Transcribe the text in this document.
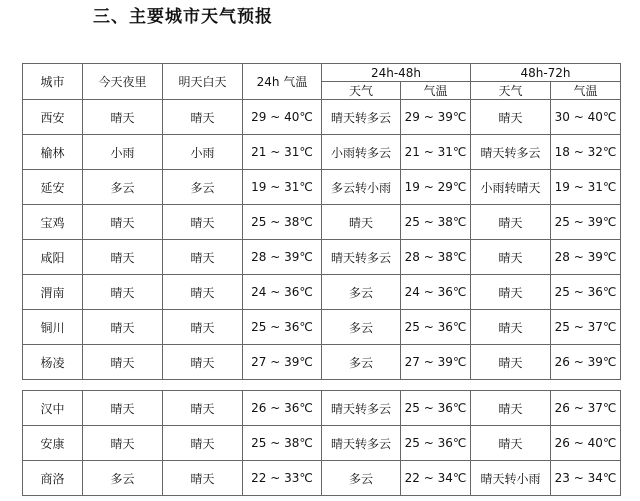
三、主要城市天气预报
城市	今天夜里	明天白天	24h 气温	24h-48h		48h-72h	
				天气	气温	天气	气温
西安	晴天	晴天	29 ~ 40℃	晴天转多云	29 ~ 39℃	晴天	30 ~ 40℃
榆林	小雨	小雨	21 ~ 31℃	小雨转多云	21 ~ 31℃	晴天转多云	18 ~ 32℃
延安	多云	多云	19 ~ 31℃	多云转小雨	19 ~ 29℃	小雨转晴天	19 ~ 31℃
宝鸡	晴天	晴天	25 ~ 38℃	晴天	25 ~ 38℃	晴天	25 ~ 39℃
咸阳	晴天	晴天	28 ~ 39℃	晴天转多云	28 ~ 38℃	晴天	28 ~ 39℃
渭南	晴天	晴天	24 ~ 36℃	多云	24 ~ 36℃	晴天	25 ~ 36℃
铜川	晴天	晴天	25 ~ 36℃	多云	25 ~ 36℃	晴天	25 ~ 37℃
杨凌	晴天	晴天	27 ~ 39℃	多云	27 ~ 39℃	晴天	26 ~ 39℃

汉中	晴天	晴天	26 ~ 36℃	晴天转多云	25 ~ 36℃	晴天	26 ~ 37℃
安康	晴天	晴天	25 ~ 38℃	晴天转多云	25 ~ 36℃	晴天	26 ~ 40℃
商洛	多云	晴天	22 ~ 33℃	多云	22 ~ 34℃	晴天转小雨	23 ~ 34℃
